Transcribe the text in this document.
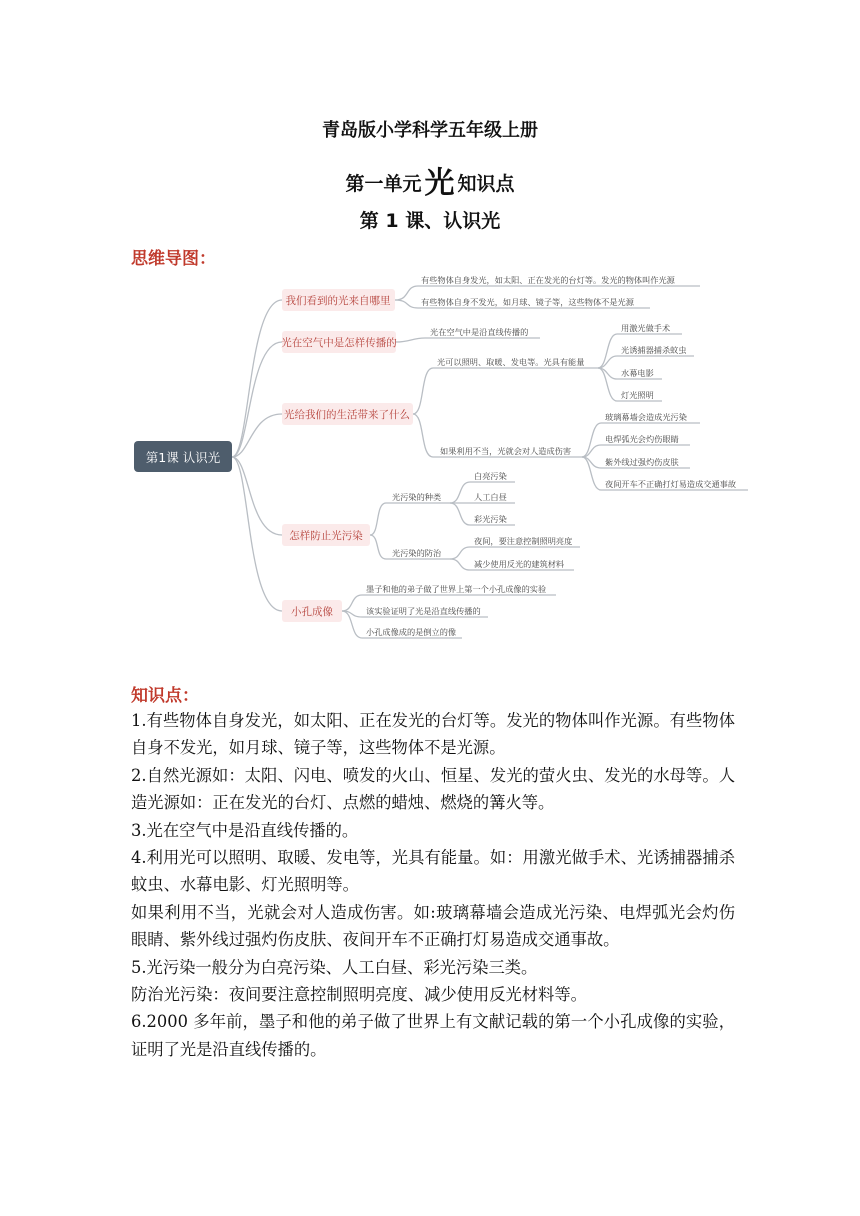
青岛版小学科学五年级上册
第一单元 光 知识点
第 1 课、认识光
思维导图：
第1课 认识光
我们看到的光来自哪里
光在空气中是怎样传播的
光给我们的生活带来了什么
怎样防止光污染
小孔成像
有些物体自身发光，如太阳、正在发光的台灯等。发光的物体叫作光源
有些物体自身不发光，如月球、镜子等，这些物体不是光源
光在空气中是沿直线传播的
光可以照明、取暖、发电等。光具有能量
用激光做手术
光诱捕器捕杀蚊虫
水幕电影
灯光照明
如果利用不当，光就会对人造成伤害
玻璃幕墙会造成光污染
电焊弧光会灼伤眼睛
紫外线过强灼伤皮肤
夜间开车不正确打灯易造成交通事故
光污染的种类
白亮污染
人工白昼
彩光污染
光污染的防治
夜间，要注意控制照明亮度
减少使用反光的建筑材料
墨子和他的弟子做了世界上第一个小孔成像的实验
该实验证明了光是沿直线传播的
小孔成像成的是倒立的像
知识点：

1.有些物体自身发光，如太阳、正在发光的台灯等。发光的物体叫作光源。有些物体自身不发光，如月球、镜子等，这些物体不是光源。

2.自然光源如：太阳、闪电、喷发的火山、恒星、发光的萤火虫、发光的水母等。人造光源如：正在发光的台灯、点燃的蜡烛、燃烧的篝火等。

3.光在空气中是沿直线传播的。

4.利用光可以照明、取暖、发电等，光具有能量。如：用激光做手术、光诱捕器捕杀蚊虫、水幕电影、灯光照明等。

如果利用不当，光就会对人造成伤害。如:玻璃幕墙会造成光污染、电焊弧光会灼伤眼睛、紫外线过强灼伤皮肤、夜间开车不正确打灯易造成交通事故。

5.光污染一般分为白亮污染、人工白昼、彩光污染三类。

防治光污染：夜间要注意控制照明亮度、减少使用反光材料等。

6.2000 多年前，墨子和他的弟子做了世界上有文献记载的第一个小孔成像的实验，证明了光是沿直线传播的。
